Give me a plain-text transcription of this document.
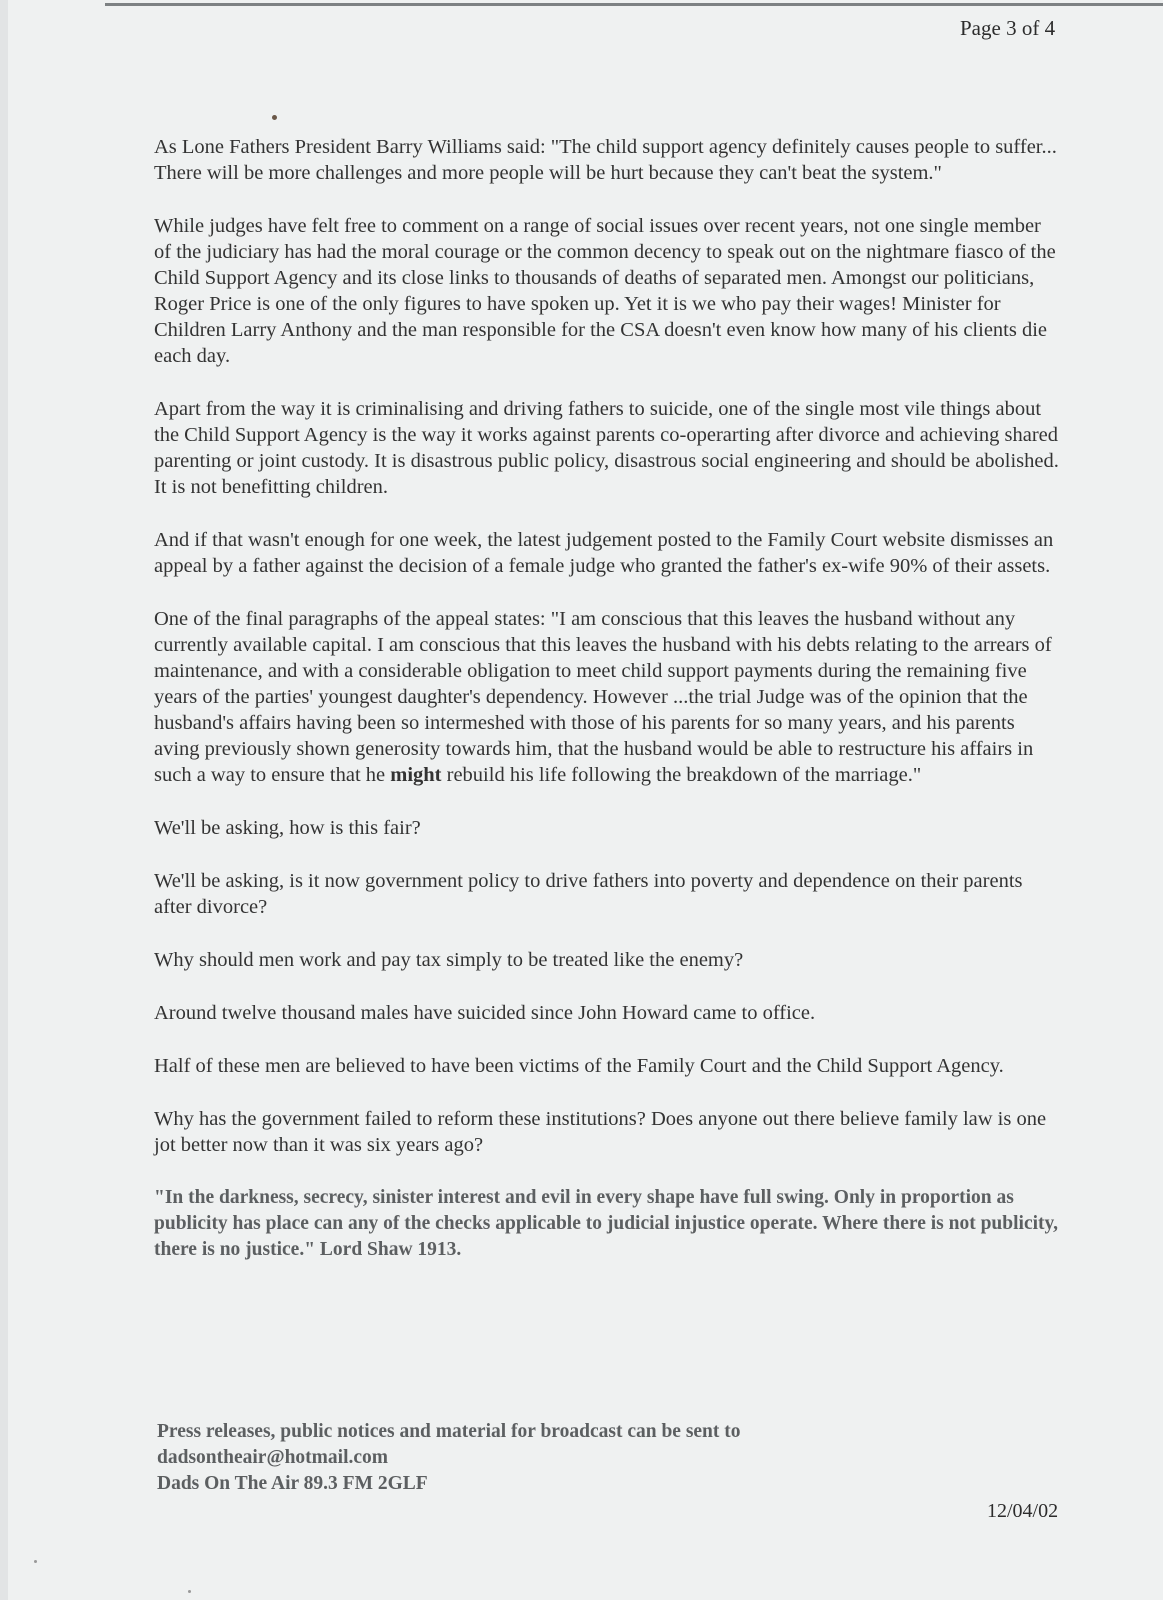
Page 3 of 4

As Lone Fathers President Barry Williams said: "The child support agency definitely causes people to suffer... There will be more challenges and more people will be hurt because they can't beat the system."

While judges have felt free to comment on a range of social issues over recent years, not one single member of the judiciary has had the moral courage or the common decency to speak out on the nightmare fiasco of the Child Support Agency and its close links to thousands of deaths of separated men. Amongst our politicians, Roger Price is one of the only figures to have spoken up. Yet it is we who pay their wages! Minister for Children Larry Anthony and the man responsible for the CSA doesn't even know how many of his clients die each day.

Apart from the way it is criminalising and driving fathers to suicide, one of the single most vile things about the Child Support Agency is the way it works against parents co-operarting after divorce and achieving shared parenting or joint custody. It is disastrous public policy, disastrous social engineering and should be abolished. It is not benefitting children.

And if that wasn't enough for one week, the latest judgement posted to the Family Court website dismisses an appeal by a father against the decision of a female judge who granted the father's ex-wife 90% of their assets.

One of the final paragraphs of the appeal states: "I am conscious that this leaves the husband without any currently available capital. I am conscious that this leaves the husband with his debts relating to the arrears of maintenance, and with a considerable obligation to meet child support payments during the remaining five years of the parties' youngest daughter's dependency. However ...the trial Judge was of the opinion that the husband's affairs having been so intermeshed with those of his parents for so many years, and his parents aving previously shown generosity towards him, that the husband would be able to restructure his affairs in such a way to ensure that he might rebuild his life following the breakdown of the marriage."

We'll be asking, how is this fair?

We'll be asking, is it now government policy to drive fathers into poverty and dependence on their parents after divorce?

Why should men work and pay tax simply to be treated like the enemy?

Around twelve thousand males have suicided since John Howard came to office.

Half of these men are believed to have been victims of the Family Court and the Child Support Agency.

Why has the government failed to reform these institutions? Does anyone out there believe family law is one jot better now than it was six years ago?

"In the darkness, secrecy, sinister interest and evil in every shape have full swing. Only in proportion as publicity has place can any of the checks applicable to judicial injustice operate. Where there is not publicity, there is no justice." Lord Shaw 1913.

Press releases, public notices and material for broadcast can be sent to
dadsontheair@hotmail.com
Dads On The Air 89.3 FM 2GLF
12/04/02
